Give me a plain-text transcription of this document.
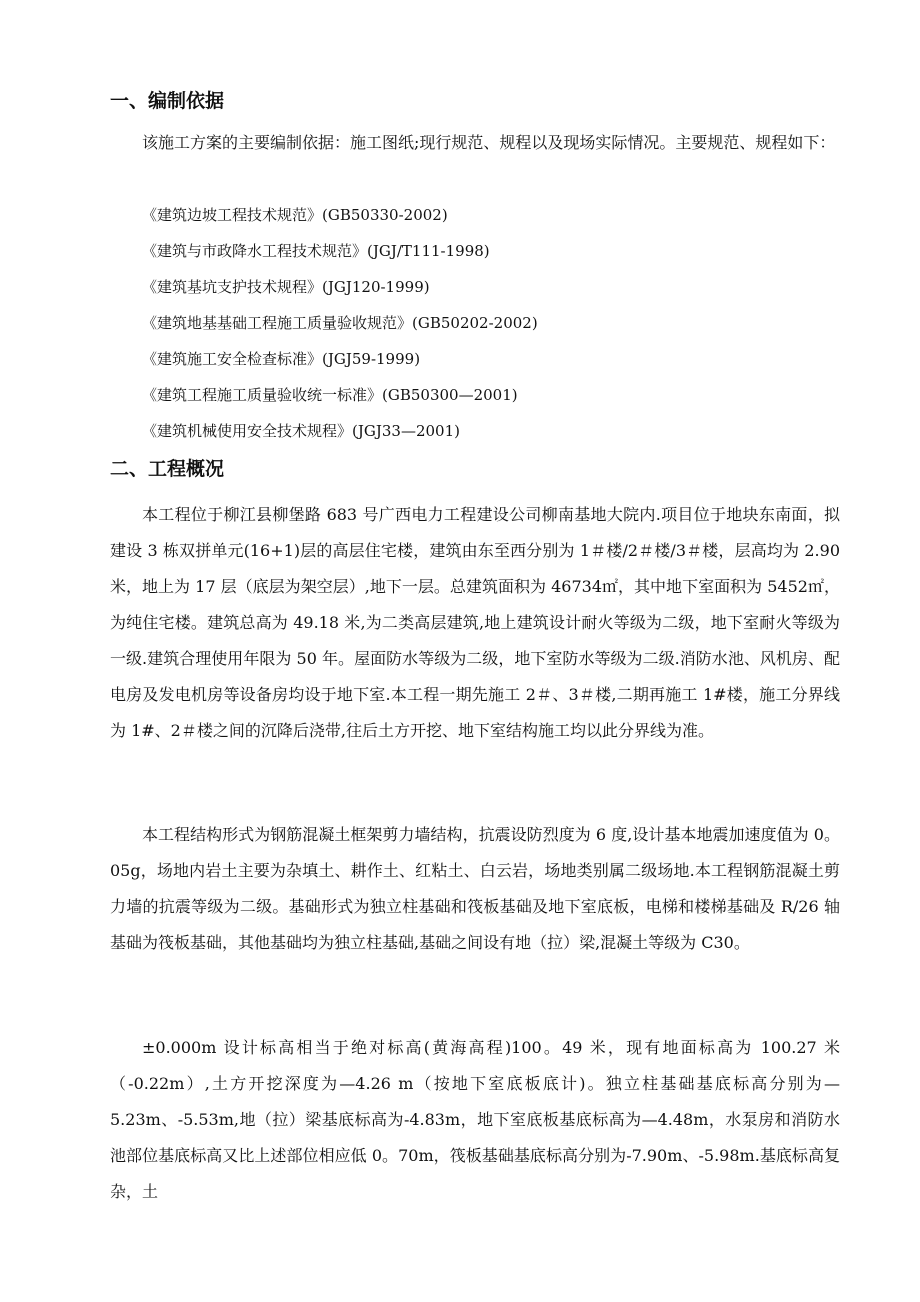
一、编制依据

该施工方案的主要编制依据：施工图纸;现行规范、规程以及现场实际情况。主要规范、规程如下：

《建筑边坡工程技术规范》(GB50330-2002)
《建筑与市政降水工程技术规范》(JGJ/T111-1998)
《建筑基坑支护技术规程》(JGJ120-1999)
《建筑地基基础工程施工质量验收规范》(GB50202-2002)
《建筑施工安全检查标准》(JGJ59-1999)
《建筑工程施工质量验收统一标准》(GB50300—2001)
《建筑机械使用安全技术规程》(JGJ33—2001)
二、工程概况

本工程位于柳江县柳堡路 683 号广西电力工程建设公司柳南基地大院内.项目位于地块东南面，拟建设 3 栋双拼单元(16+1)层的高层住宅楼，建筑由东至西分别为 1＃楼/2＃楼/3＃楼，层高均为 2.90 米，地上为 17 层（底层为架空层）,地下一层。总建筑面积为 46734㎡，其中地下室面积为 5452㎡，为纯住宅楼。建筑总高为 49.18 米,为二类高层建筑,地上建筑设计耐火等级为二级，地下室耐火等级为一级.建筑合理使用年限为 50 年。屋面防水等级为二级，地下室防水等级为二级.消防水池、风机房、配电房及发电机房等设备房均设于地下室.本工程一期先施工 2＃、3＃楼,二期再施工 1#楼，施工分界线为 1#、2＃楼之间的沉降后浇带,往后土方开挖、地下室结构施工均以此分界线为准。

本工程结构形式为钢筋混凝土框架剪力墙结构，抗震设防烈度为 6 度,设计基本地震加速度值为 0。05g，场地内岩土主要为杂填土、耕作土、红粘土、白云岩，场地类别属二级场地.本工程钢筋混凝土剪力墙的抗震等级为二级。基础形式为独立柱基础和筏板基础及地下室底板，电梯和楼梯基础及 R/26 轴基础为筏板基础，其他基础均为独立柱基础,基础之间设有地（拉）梁,混凝土等级为 C30。

±0.000m 设计标高相当于绝对标高(黄海高程)100。49 米，现有地面标高为 100.27 米（-0.22m）,土方开挖深度为—4.26 m（按地下室底板底计)。独立柱基础基底标高分别为—5.23m、-5.53m,地（拉）梁基底标高为-4.83m，地下室底板基底标高为—4.48m，水泵房和消防水池部位基底标高又比上述部位相应低 0。70m，筏板基础基底标高分别为-7.90m、-5.98m.基底标高复杂，土
